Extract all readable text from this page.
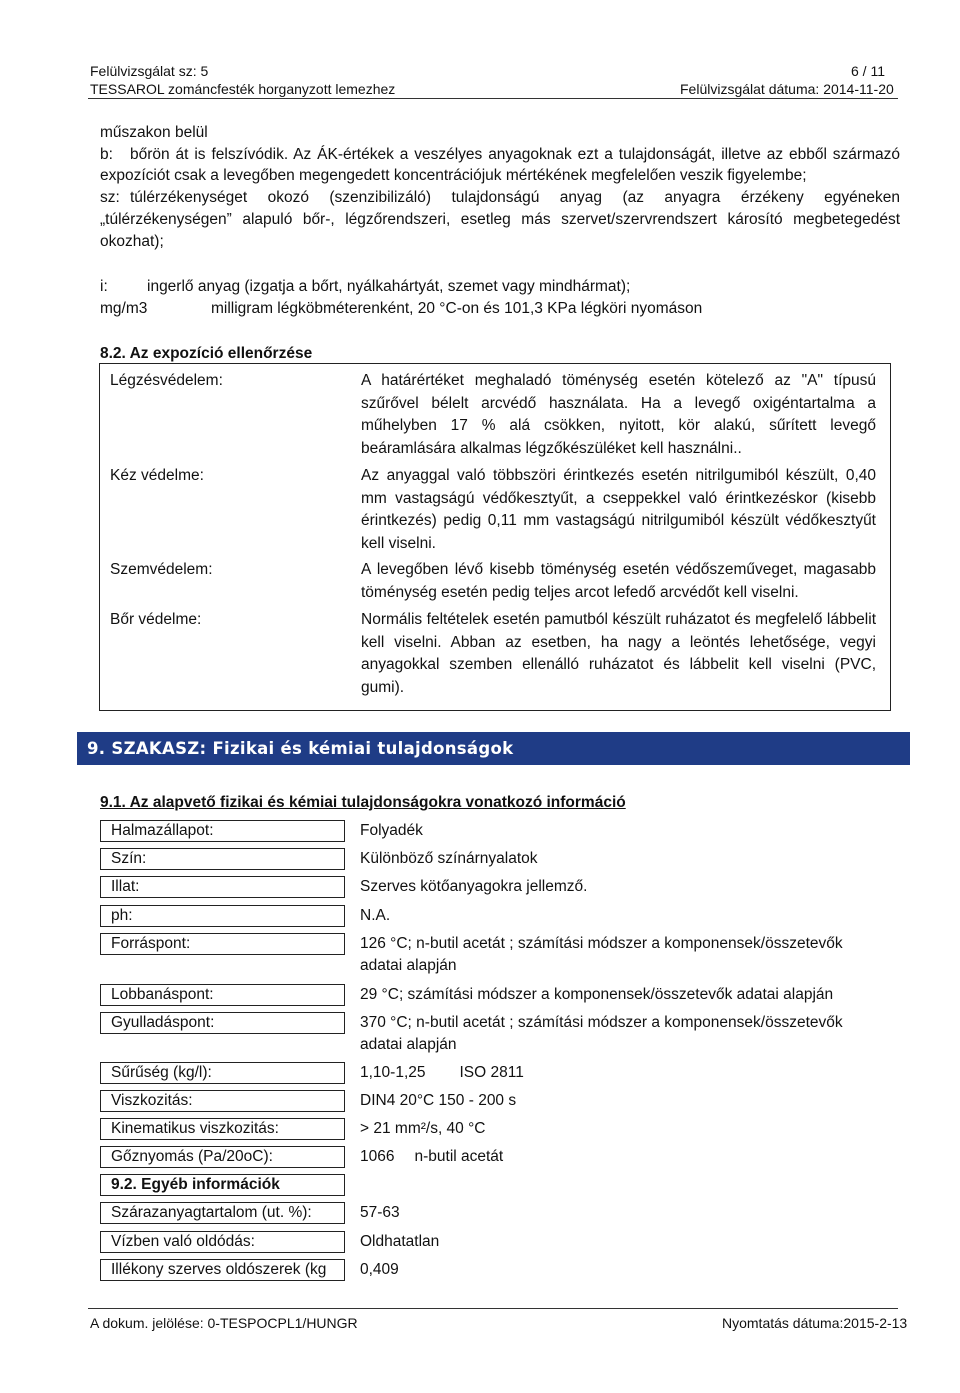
Felülvizsgálat sz: 5	6 / 11
TESSAROL zománcfesték horganyzott lemezhez	Felülvizsgálat dátuma: 2014-11-20

műszakon belül

b: bőrön át is felszívódik. Az ÁK-értékek a veszélyes anyagoknak ezt a tulajdonságát, illetve az ebből származó expozíciót csak a levegőben megengedett koncentrációjuk mértékének megfelelően veszik figyelembe;

sz: túlérzékenységet okozó (szenzibilizáló) tulajdonságú anyag (az anyagra érzékeny egyéneken „túlérzékenységen” alapuló bőr-, légzőrendszeri, esetleg más szervet/szervrendszert károsító megbetegedést okozhat);

i:	ingerlő anyag (izgatja a bőrt, nyálkahártyát, szemet vagy mindhármat);
mg/m3	milligram légköbméterenként, 20 °C-on és 101,3 KPa légköri nyomáson
8.2. Az expozíció ellenőrzése
Légzésvédelem:	A határértéket meghaladó töménység esetén kötelező az "A" típusú szűrővel bélelt arcvédő használata. Ha a levegő oxigéntartalma a műhelyben 17 % alá csökken, nyitott, kör alakú, sűrített levegő beáramlására alkalmas légzőkészüléket kell használni..
Kéz védelme:	Az anyaggal való többszöri érintkezés esetén nitrilgumiból készült, 0,40 mm vastagságú védőkesztyűt, a cseppekkel való érintkezéskor (kisebb érintkezés) pedig 0,11 mm vastagságú nitrilgumiból készült védőkesztyűt kell viselni.
Szemvédelem:	A levegőben lévő kisebb töménység esetén védőszeműveget, magasabb töménység esetén pedig teljes arcot lefedő arcvédőt kell viselni.
Bőr védelme:	Normális feltételek esetén pamutból készült ruházatot és megfelelő lábbelit kell viselni. Abban az esetben, ha nagy a leöntés lehetősége, vegyi anyagokkal szemben ellenálló ruházatot és lábbelit kell viselni (PVC, gumi).
9. SZAKASZ: Fizikai és kémiai tulajdonságok
9.1. Az alapvető fizikai és kémiai tulajdonságokra vonatkozó információ
Halmazállapot:	Folyadék
Szín:	Különböző színárnyalatok
Illat:	Szerves kötőanyagokra jellemző.
ph:	N.A.
Forráspont:	126 °C; n-butil acetát ; számítási módszer a komponensek/összetevők adatai alapján
Lobbanáspont:	29 °C; számítási módszer a komponensek/összetevők adatai alapján
Gyulladáspont:	370 °C; n-butil acetát ; számítási módszer a komponensek/összetevők adatai alapján
Sűrűség (kg/l):	1,10-1,25 ISO 2811
Viszkozitás:	DIN4 20°C 150 - 200 s
Kinematikus viszkozitás:	> 21 mm²/s, 40 °C
Gőznyomás (Pa/20oC):	1066 n-butil acetát
9.2. Egyéb információk
Szárazanyagtartalom (ut. %):	57-63
Vízben való oldódás:	Oldhatatlan
Illékony szerves oldószerek (kg	0,409
A dokum. jelölése: 0-TESPOCPL1/HUNGR	Nyomtatás dátuma:2015-2-13
